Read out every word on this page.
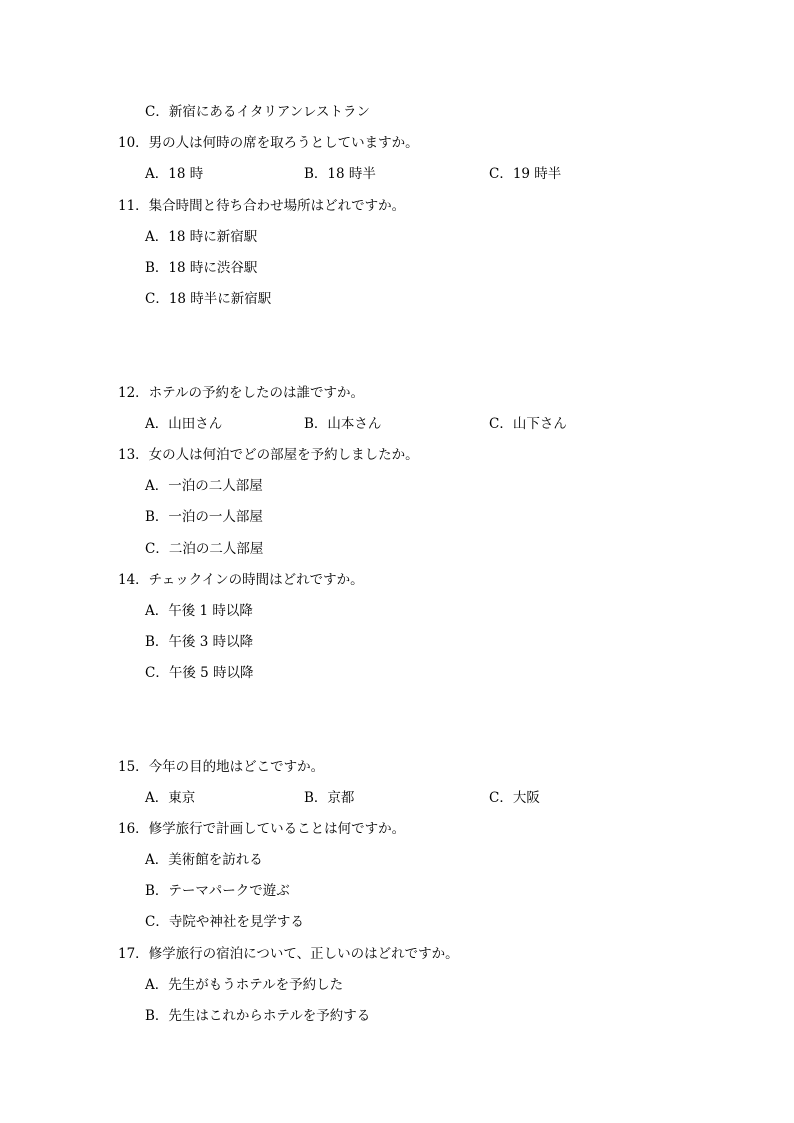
C．新宿にあるイタリアンレストラン
10．男の人は何時の席を取ろうとしていますか。
A．18 時	B．18 時半	C．19 時半
11．集合時間と待ち合わせ場所はどれですか。
A．18 時に新宿駅
B．18 時に渋谷駅
C．18 時半に新宿駅
12．ホテルの予約をしたのは誰ですか。
A．山田さん	B．山本さん	C．山下さん
13．女の人は何泊でどの部屋を予約しましたか。
A．一泊の二人部屋
B．一泊の一人部屋
C．二泊の二人部屋
14．チェックインの時間はどれですか。
A．午後 1 時以降
B．午後 3 時以降
C．午後 5 時以降
15．今年の目的地はどこですか。
A．東京	B．京都	C．大阪
16．修学旅行で計画していることは何ですか。
A．美術館を訪れる
B．テーマパークで遊ぶ
C．寺院や神社を見学する
17．修学旅行の宿泊について、正しいのはどれですか。
A．先生がもうホテルを予約した
B．先生はこれからホテルを予約する
